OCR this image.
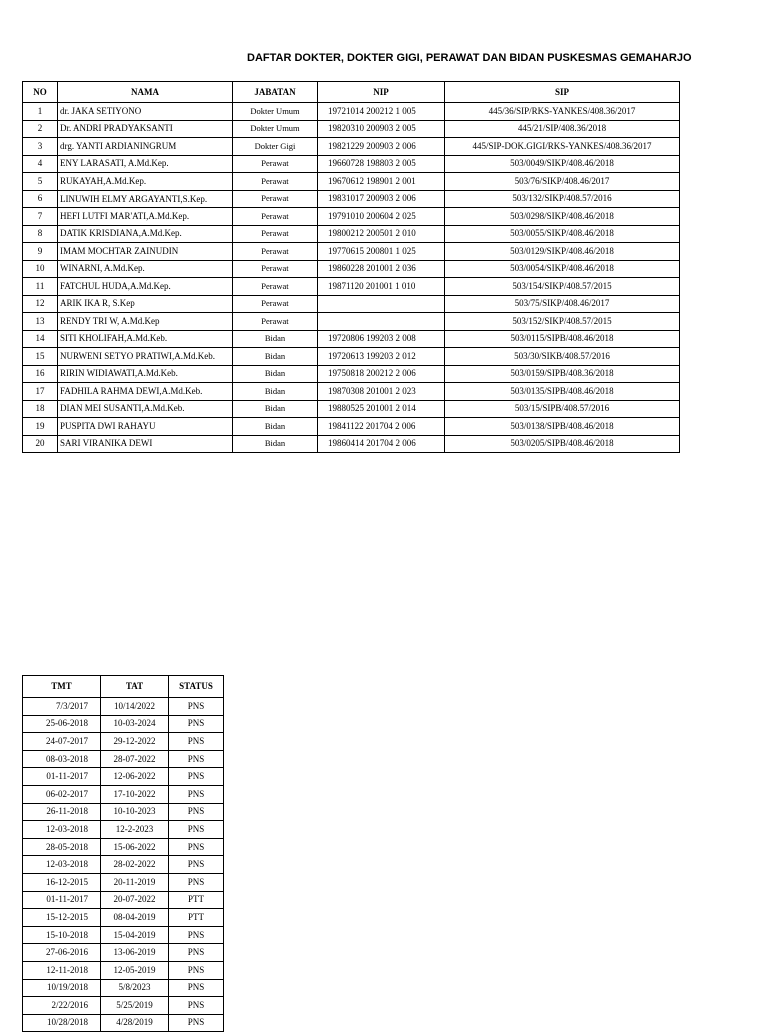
DAFTAR DOKTER, DOKTER GIGI, PERAWAT DAN BIDAN PUSKESMAS GEMAHARJO
NO	NAMA	JABATAN	NIP	SIP
1	dr. JAKA SETIYONO	Dokter Umum	19721014 200212 1 005	445/36/SIP/RKS-YANKES/408.36/2017
2	Dr. ANDRI PRADYAKSANTI	Dokter Umum	19820310 200903 2 005	445/21/SIP/408.36/2018
3	drg. YANTI ARDIANINGRUM	Dokter Gigi	19821229 200903 2 006	445/SIP-DOK.GIGI/RKS-YANKES/408.36/2017
4	ENY LARASATI, A.Md.Kep.	Perawat	19660728 198803 2 005	503/0049/SIKP/408.46/2018
5	RUKAYAH,A.Md.Kep.	Perawat	19670612 198901 2 001	503/76/SIKP/408.46/2017
6	LINUWIH ELMY ARGAYANTI,S.Kep.	Perawat	19831017 200903 2 006	503/132/SIKP/408.57/2016
7	HEFI LUTFI MAR'ATI,A.Md.Kep.	Perawat	19791010 200604 2 025	503/0298/SIKP/408.46/2018
8	DATIK KRISDIANA,A.Md.Kep.	Perawat	19800212 200501 2 010	503/0055/SIKP/408.46/2018
9	IMAM MOCHTAR ZAINUDIN	Perawat	19770615 200801 1 025	503/0129/SIKP/408.46/2018
10	WINARNI, A.Md.Kep.	Perawat	19860228 201001 2 036	503/0054/SIKP/408.46/2018
11	FATCHUL HUDA,A.Md.Kep.	Perawat	19871120 201001 1 010	503/154/SIKP/408.57/2015
12	ARIK IKA R, S.Kep	Perawat		503/75/SIKP/408.46/2017
13	RENDY TRI W, A.Md.Kep	Perawat		503/152/SIKP/408.57/2015
14	SITI KHOLIFAH,A.Md.Keb.	Bidan	19720806 199203 2 008	503/0115/SIPB/408.46/2018
15	NURWENI SETYO PRATIWI,A.Md.Keb.	Bidan	19720613 199203 2 012	503/30/SIKB/408.57/2016
16	RIRIN WIDIAWATI,A.Md.Keb.	Bidan	19750818 200212 2 006	503/0159/SIPB/408.36/2018
17	FADHILA RAHMA DEWI,A.Md.Keb.	Bidan	19870308 201001 2 023	503/0135/SIPB/408.46/2018
18	DIAN MEI SUSANTI,A.Md.Keb.	Bidan	19880525 201001 2 014	503/15/SIPB/408.57/2016
19	PUSPITA DWI RAHAYU	Bidan	19841122 201704 2 006	503/0138/SIPB/408.46/2018
20	SARI VIRANIKA DEWI	Bidan	19860414 201704 2 006	503/0205/SIPB/408.46/2018
TMT	TAT	STATUS
7/3/2017	10/14/2022	PNS
25-06-2018	10-03-2024	PNS
24-07-2017	29-12-2022	PNS
08-03-2018	28-07-2022	PNS
01-11-2017	12-06-2022	PNS
06-02-2017	17-10-2022	PNS
26-11-2018	10-10-2023	PNS
12-03-2018	12-2-2023	PNS
28-05-2018	15-06-2022	PNS
12-03-2018	28-02-2022	PNS
16-12-2015	20-11-2019	PNS
01-11-2017	20-07-2022	PTT
15-12-2015	08-04-2019	PTT
15-10-2018	15-04-2019	PNS
27-06-2016	13-06-2019	PNS
12-11-2018	12-05-2019	PNS
10/19/2018	5/8/2023	PNS
2/22/2016	5/25/2019	PNS
10/28/2018	4/28/2019	PNS
